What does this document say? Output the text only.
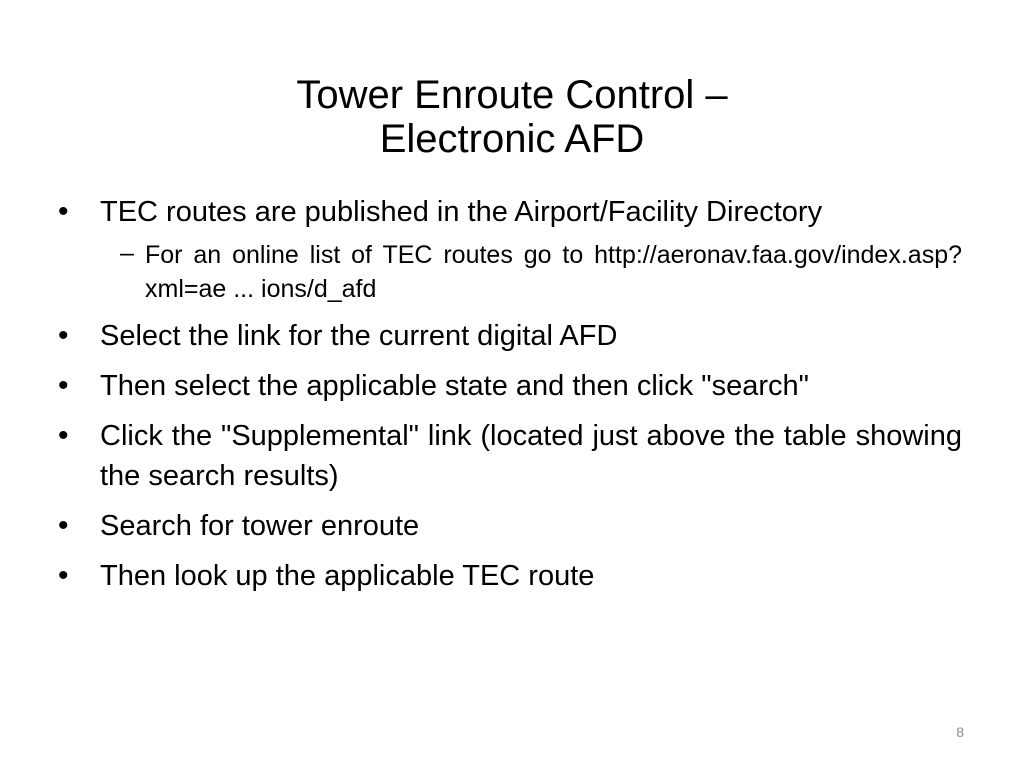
Tower Enroute Control –
Electronic AFD
•	TEC routes are published in the Airport/Facility Directory
– For an online list of TEC routes go to http://aeronav.faa.gov/index.asp?xml=ae ... ions/d_afd
•	Select the link for the current digital AFD
•	Then select the applicable state and then click "search"
•	Click the "Supplemental" link (located just above the table showing the search results)
•	Search for tower enroute
•	Then look up the applicable TEC route
8
